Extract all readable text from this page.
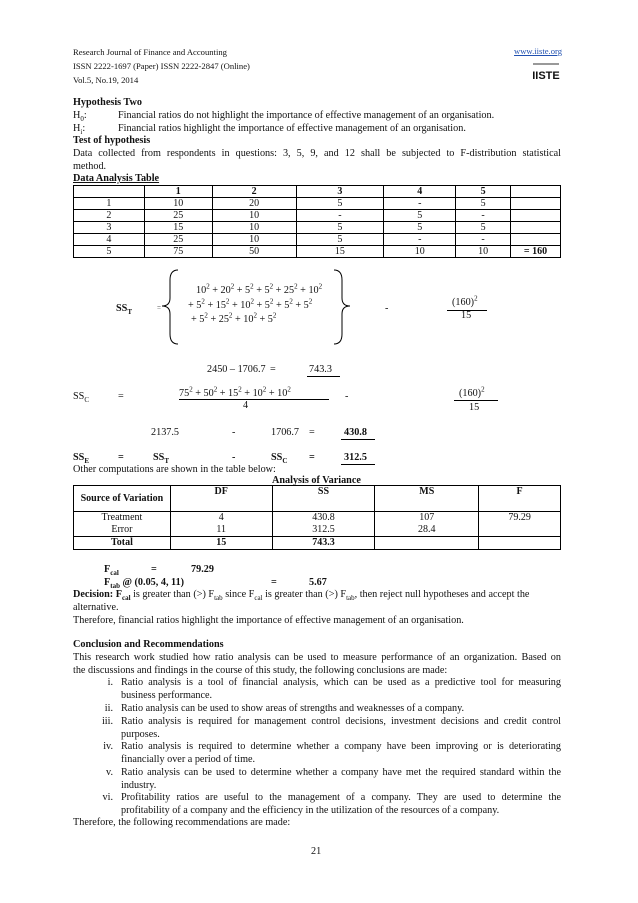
Research Journal of Finance and Accounting
ISSN 2222-1697 (Paper) ISSN 2222-2847 (Online)
Vol.5, No.19, 2014
www.iiste.org
IISTE
Hypothesis Two
$H_0$:	Financial ratios do not highlight the importance of effective management of an organisation.
$H_i$:	Financial ratios highlight the importance of effective management of an organisation.
Test of hypothesis
Data collected from respondents in questions: 3, 5, 9, and 12 shall be subjected to F-distribution statistical
method.
Data Analysis Table
	1	2	3	4	5	
1	10	20	5	-	5	
2	25	10	-	5	-	
3	15	10	5	5	5	
4	25	10	5	-	-	
5	75	50	15	10	10	= 160
$10^2 + 20^2 + 5^2 + 5^2 + 25^2 + 10^2$
+ $5^2 + 15^2 + 10^2 + 5^2 + 5^2 + 5^2$
+ $5^2 + 25^2 + 10^2 + 5^2$
$SS_T$
=	-
$(160)^2$
15
2450 – 1706.7 =	743.3
$SS_C$	=	$75^2 + 50^2 + 15^2 + 10^2 + 10^2$
4
-	$(160)^2$
15
2137.5	-	1706.7 =	430.8
$SS_E$	=	$SS_T$	-	$SS_C$ =	312.5
Other computations are shown in the table below:
Analysis of Variance
Source of Variation	DF	SS	MS	F
Treatment	4	430.8	107	79.29
Error	11	312.5	28.4	
Total	15	743.3		
$F_{cal}$	=	79.29
$F_{tab}$ @ (0.05, 4, 11)	=	5.67
Decision: $F_{cal}$ is greater than (>) $F_{tab}$ since $F_{cal}$ is greater than (>) $F_{tab}$, then reject null hypotheses and accept the
alternative.
Therefore, financial ratios highlight the importance of effective management of an organisation.
Conclusion and Recommendations
This research work studied how ratio analysis can be used to measure performance of an organization. Based on
the discussions and findings in the course of this study, the following conclusions are made:
i. Ratio analysis is a tool of financial analysis, which can be used as a predictive tool for measuring
business performance.
ii. Ratio analysis can be used to show areas of strengths and weaknesses of a company.
iii. Ratio analysis is required for management control decisions, investment decisions and credit control
purposes.
iv. Ratio analysis is required to determine whether a company have been improving or is deteriorating
financially over a period of time.
v. Ratio analysis can be used to determine whether a company have met the required standard within the
industry.
vi. Profitability ratios are useful to the management of a company. They are used to determine the
profitability of a company and the efficiency in the utilization of the resources of a company.
Therefore, the following recommendations are made:
21
